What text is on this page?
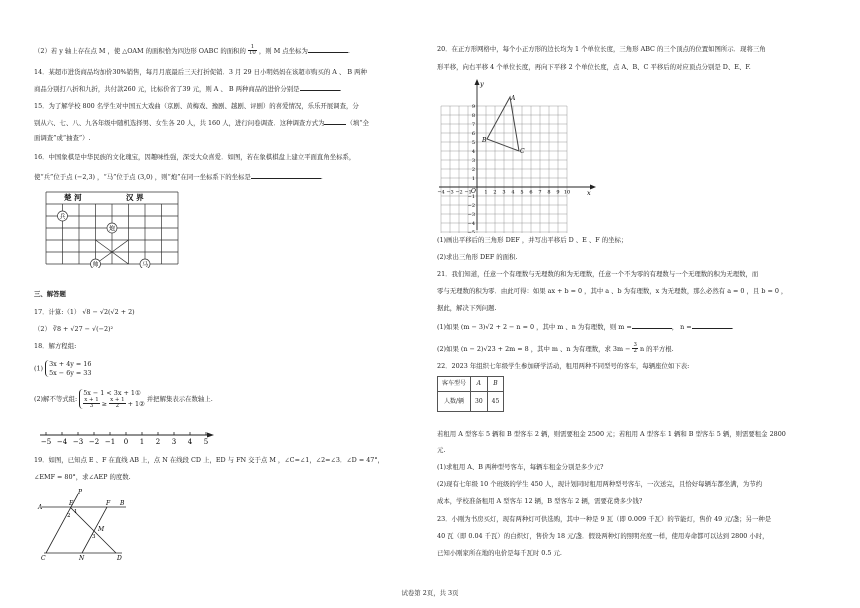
（2）若 y 轴上存在点 M ，使 △OAM 的面积恰为四边形 OABC 的面积的 $\frac{1}{10}$ ，则 M 点坐标为	.
14．某超市进货商品均加价30%销售，每月月底最后三天打折促销．3 月 29 日小明妈妈在该超市购买的 A 、 B 两种
商品分别打八折和九折，共付款260 元，比标价省了39 元，则 A 、 B 两种商品的进价分别是	.
15．为了解学校 800 名学生对中国五大戏曲（京剧、黄梅戏、豫剧、越剧、评剧）的喜爱情况，乐乐开展调查，分
别从六、七、八、九各年级中随机选择男、女生各 20 人，共 160 人，进行问卷调查．这种调查方式为	（填“全
面调查”或“抽查”）.
16．中国象棋是中华民族的文化瑰宝，因趣味性强，深受大众喜爱．如图，若在象棋棋盘上建立平面直角坐标系，
使“兵”位于点 (−2,3) ，“马”位于点 (3,0) ，则“炮”在同一坐标系下的坐标是	.
楚 河	汉 界
兵
炮
帅	马
三、解答题
17．计算:（1） √8 − √2(√2 + 2)
（2） ∛8 + √27 − √(−2)²
18．解方程组:
(1) 3x + 4y = 16
5x − 6y = 33
(2)解不等式组: 5x − 1 < 3x + 1①

$\frac{x + 1}{3} \ge \frac{x + 1}{2}$ + 1② 并把解集表示在数轴上.
−5 −4 −3 −2 −1 0 1 2 3 4 5
19．如图，已知点 E 、F 在直线 AB 上，点 N 在线段 CD 上，ED 与 FN 交于点 M ，∠C=∠1，∠2=∠3．∠D = 47°，
∠EMF = 80°，求∠AEP 的度数.
P
A
E	F B
M
C	N	D
1
2
3
20．在正方形网格中，每个小正方形的边长均为 1 个单位长度，三角形 ABC 的三个顶点的位置如图所示．现将三角
形平移，向右平移 4 个单位长度，再向下平移 2 个单位长度，点 A、B、C 平移后的对应顶点分别是 D、E、F.
x
y
O
−4 −3 −2 −1	1 2 3 4 5 6 7 8 9 10
9
8
7
6
5
4
3
2
1
−1
−2
−3
−4
−5
A
B
C
(1)画出平移后的三角形 DEF ，并写出平移后 D 、E 、F 的坐标；
(2)求出三角形 DEF 的面积.
21．我们知道，任意一个有理数与无理数的和为无理数，任意一个不为零的有理数与一个无理数的积为无理数，而
零与无理数的积为零．由此可得：如果 ax + b = 0 ，其中 a 、b 为有理数，x 为无理数，那么必然有 a = 0 ，且 b = 0 ，
据此，解决下列问题.
(1)如果 (m − 3)√2 + 2 − n = 0 ，其中 m 、n 为有理数，则 m =	， n =	.
(2)如果 (n − 2)√23 + 2m = 8 ，其中 m 、n 为有理数，求 $3m - \frac{3}{2}$ n 的平方根.
22．2023 年组织七年级学生参加研学活动，租用两种不同型号的客车，每辆座位如下表:
客车型号	A	B
人数/辆	30	45
若租用 A 型客车 5 辆和 B 型客车 2 辆，则需要租金 2500 元；若租用 A 型客车 1 辆和 B 型客车 5 辆，则需要租金 2800
元.
(1)求租用 A、B 两种型号客车，每辆车租金分别是多少元?
(2)现有七年级 10 个班级的学生 450 人，现计划同时租用两种型号客车，一次送完，且恰好每辆车都坐满，为节约
成本，学校准备租用 A 型客车 12 辆，B 型客车 2 辆，需要花费多少钱?
23．小刚为书房买灯，现有两种灯可供选购，其中一种是 9 瓦（即 0.009 千瓦）的节能灯，售价 49 元/盏；另一种是
40 瓦（即 0.04 千瓦）的白炽灯，售价为 18 元/盏．假设两种灯的照明亮度一样，使用寿命都可以达到 2800 小时，
已知小刚家所在地的电价是每千瓦时 0.5 元.
试卷第 2页，共 3页
